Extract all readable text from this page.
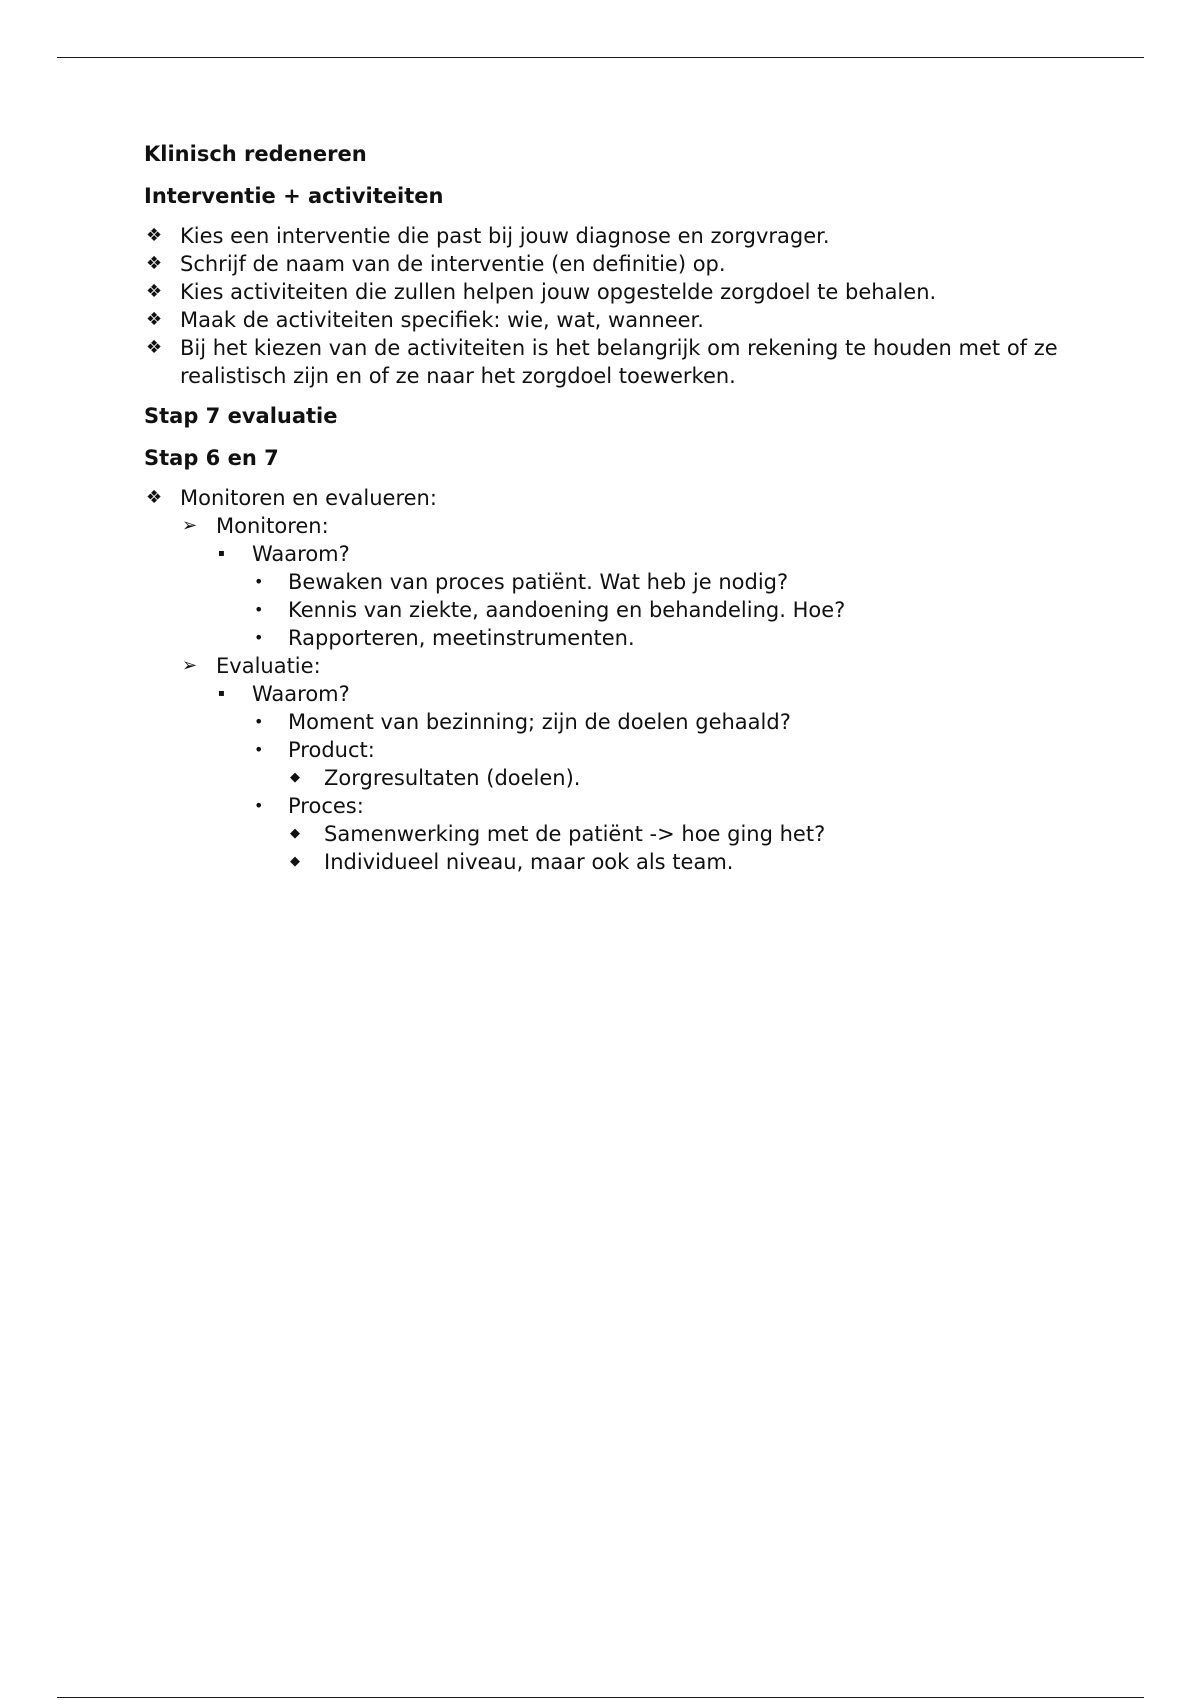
Klinisch redeneren

Interventie + activiteiten

❖ Kies een interventie die past bij jouw diagnose en zorgvrager.
❖ Schrijf de naam van de interventie (en definitie) op.
❖ Kies activiteiten die zullen helpen jouw opgestelde zorgdoel te behalen.
❖ Maak de activiteiten specifiek: wie, wat, wanneer.
❖ Bij het kiezen van de activiteiten is het belangrijk om rekening te houden met of ze realistisch zijn en of ze naar het zorgdoel toewerken.

Stap 7 evaluatie

Stap 6 en 7

❖ Monitoren en evalueren:
➢ Monitoren:
▪	Waarom?
•	Bewaken van proces patiënt. Wat heb je nodig?
•	Kennis van ziekte, aandoening en behandeling. Hoe?
•	Rapporteren, meetinstrumenten.
➢ Evaluatie:
▪	Waarom?
•	Moment van bezinning; zijn de doelen gehaald?
•	Product:
◆	Zorgresultaten (doelen).
•	Proces:
◆	Samenwerking met de patiënt -> hoe ging het?
◆	Individueel niveau, maar ook als team.
